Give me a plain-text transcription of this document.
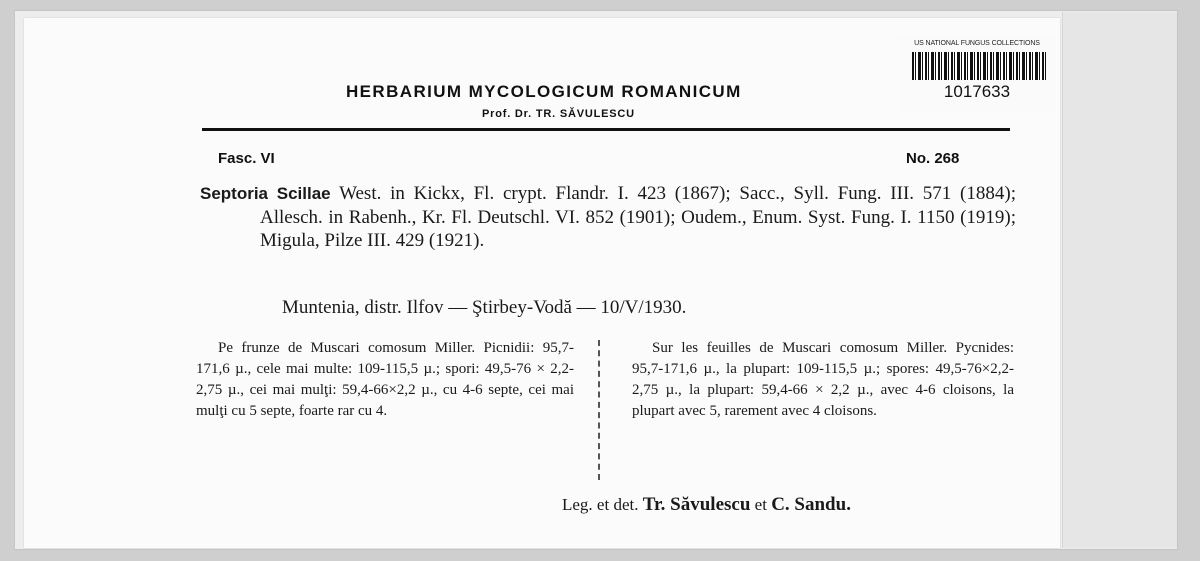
US NATIONAL FUNGUS COLLECTIONS
1017633
HERBARIUM MYCOLOGICUM ROMANICUM
Prof. Dr. TR. SĂVULESCU
Fasc. VI	No. 268
Septoria Scillae West. in Kickx, Fl. crypt. Flandr. I. 423 (1867); Sacc., Syll. Fung. III. 571 (1884); Allesch. in Rabenh., Kr. Fl. Deutschl. VI. 852 (1901); Oudem., Enum. Syst. Fung. I. 1150 (1919); Migula, Pilze III. 429 (1921).
Muntenia, distr. Ilfov — Ştirbey-Vodă — 10/V/1930.
Pe frunze de Muscari comosum Miller. Picnidii: 95,7-171,6 µ., cele mai multe: 109-115,5 µ.; spori: 49,5-76 × 2,2-2,75 µ., cei mai mulţi: 59,4-66×2,2 µ., cu 4-6 septe, cei mai mulţi cu 5 septe, foarte rar cu 4.
Sur les feuilles de Muscari comosum Miller. Pycnides: 95,7-171,6 µ., la plupart: 109-115,5 µ.; spores: 49,5-76×2,2-2,75 µ., la plupart: 59,4-66 × 2,2 µ., avec 4-6 cloisons, la plupart avec 5, rarement avec 4 cloisons.
Leg. et det. Tr. Săvulescu et C. Sandu.
